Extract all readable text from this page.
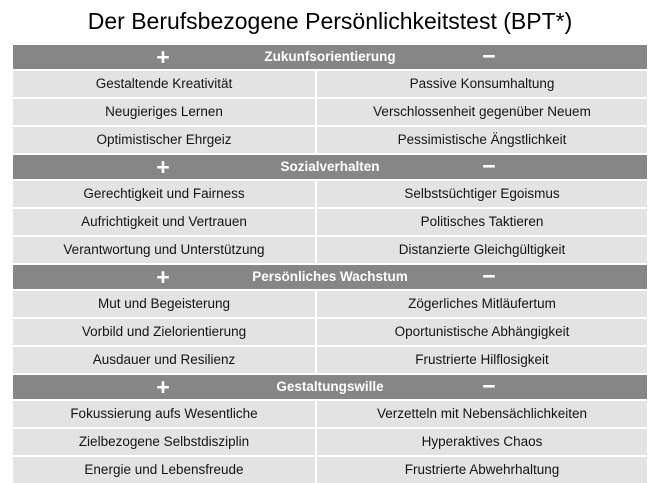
Der Berufsbezogene Persönlichkeitstest (BPT*)
+	Zukunfsorientierung	−
Gestaltende Kreativität	Passive Konsumhaltung
Neugieriges Lernen	Verschlossenheit gegenüber Neuem
Optimistischer Ehrgeiz	Pessimistische Ängstlichkeit
+	Sozialverhalten	−
Gerechtigkeit und Fairness	Selbstsüchtiger Egoismus
Aufrichtigkeit und Vertrauen	Politisches Taktieren
Verantwortung und Unterstützung	Distanzierte Gleichgültigkeit
+	Persönliches Wachstum	−
Mut und Begeisterung	Zögerliches Mitläufertum
Vorbild und Zielorientierung	Oportunistische Abhängigkeit
Ausdauer und Resilienz	Frustrierte Hilflosigkeit
+	Gestaltungswille	−
Fokussierung aufs Wesentliche	Verzetteln mit Nebensächlichkeiten
Zielbezogene Selbstdisziplin	Hyperaktives Chaos
Energie und Lebensfreude	Frustrierte Abwehrhaltung
